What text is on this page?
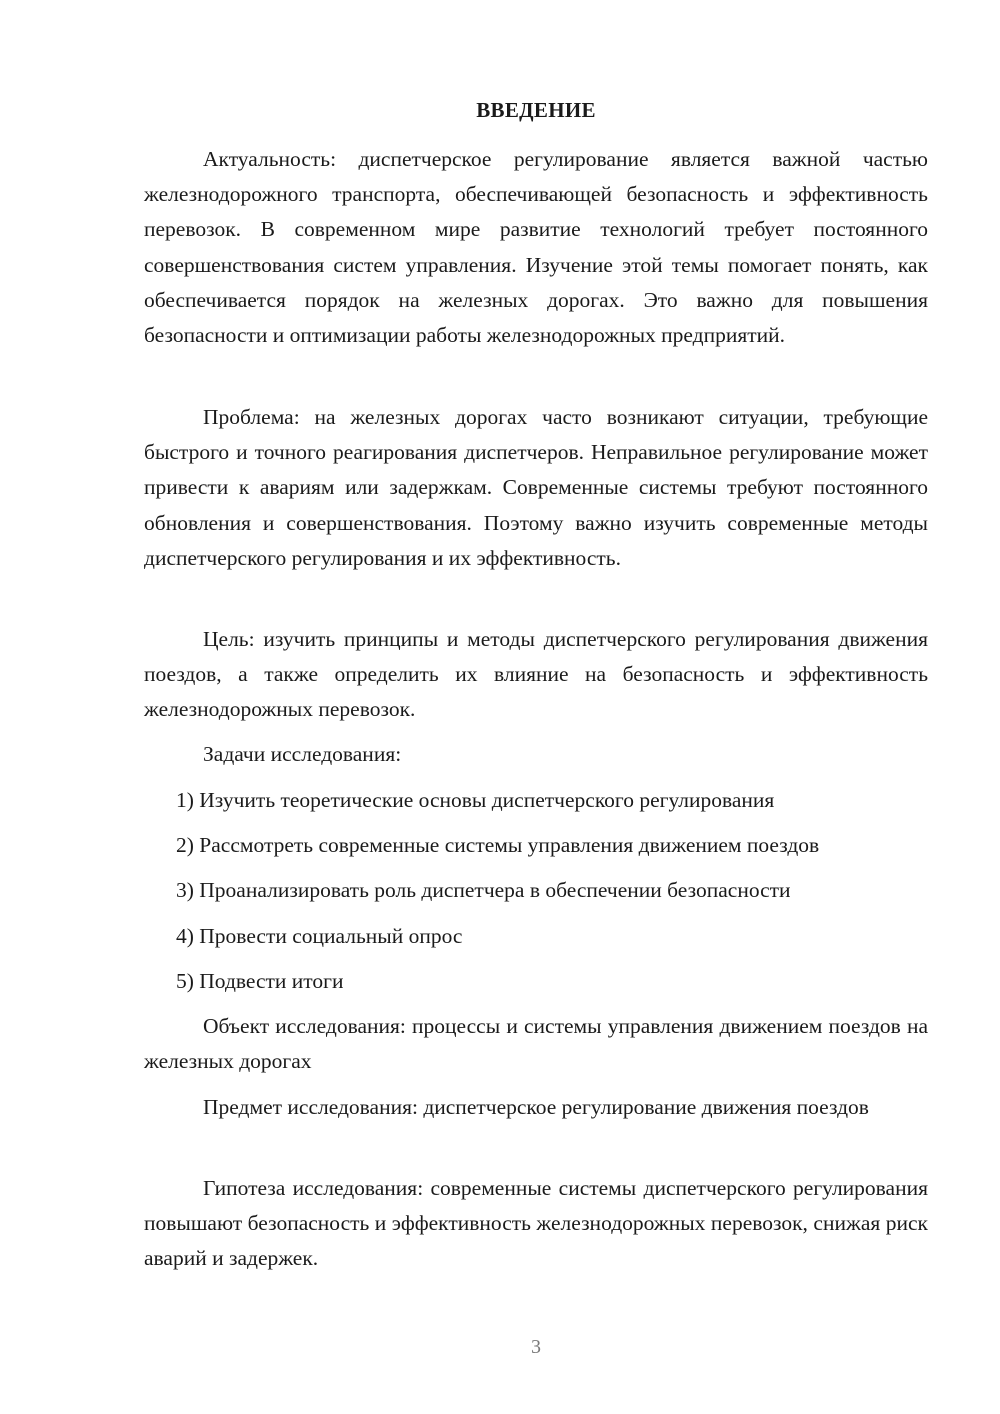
ВВЕДЕНИЕ

Актуальность: диспетчерское регулирование является важной частью железнодорожного транспорта, обеспечивающей безопасность и эффективность перевозок. В современном мире развитие технологий требует постоянного совершенствования систем управления. Изучение этой темы помогает понять, как обеспечивается порядок на железных дорогах. Это важно для повышения безопасности и оптимизации работы железнодорожных предприятий.

Проблема: на железных дорогах часто возникают ситуации, требующие быстрого и точного реагирования диспетчеров. Неправильное регулирование может привести к авариям или задержкам. Современные системы требуют постоянного обновления и совершенствования. Поэтому важно изучить современные методы диспетчерского регулирования и их эффективность.

Цель: изучить принципы и методы диспетчерского регулирования движения поездов, а также определить их влияние на безопасность и эффективность железнодорожных перевозок.

Задачи исследования:

1) Изучить теоретические основы диспетчерского регулирования

2) Рассмотреть современные системы управления движением поездов

3) Проанализировать роль диспетчера в обеспечении безопасности

4) Провести социальный опрос

5) Подвести итоги

Объект исследования: процессы и системы управления движением поездов на железных дорогах

Предмет исследования: диспетчерское регулирование движения поездов

Гипотеза исследования: современные системы диспетчерского регулирования повышают безопасность и эффективность железнодорожных перевозок, снижая риск аварий и задержек.

3
